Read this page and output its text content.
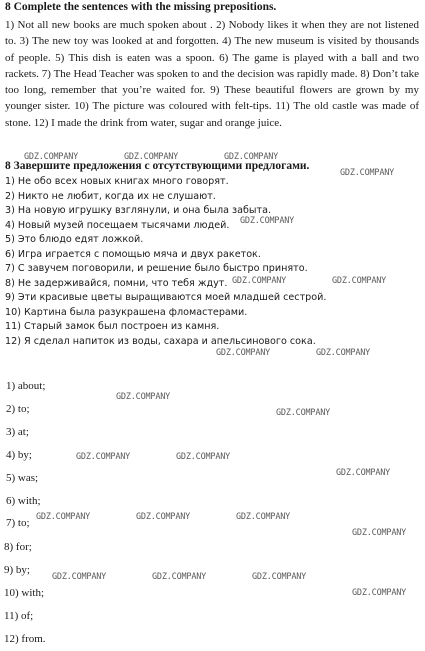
8 Complete the sentences with the missing prepositions.

1) Not all new books are much spoken about . 2) Nobody likes it when they are not listened to. 3) The new toy was looked at and forgotten. 4) The new museum is visited by thousands of people. 5) This dish is eaten was a spoon. 6) The game is played with a ball and two rackets. 7) The Head Teacher was spoken to and the decision was rapidly made. 8) Don’t take too long, remember that you’re waited for. 9) These beautiful flowers are grown by my younger sister. 10) The picture was coloured with felt-tips. 11) The old castle was made of stone. 12) I made the drink from water, sugar and orange juice.

8 Завершите предложения с отсутствующими предлогами.
1) Не обо всех новых книгах много говорят.
2) Никто не любит, когда их не слушают.
3) На новую игрушку взглянули, и она была забыта.
4) Новый музей посещаем тысячами людей.
5) Это блюдо едят ложкой.
6) Игра играется с помощью мяча и двух ракеток.
7) С завучем поговорили, и решение было быстро принято.
8) Не задерживайся, помни, что тебя ждут.
9) Эти красивые цветы выращиваются моей младшей сестрой.
10) Картина была разукрашена фломастерами.
11) Старый замок был построен из камня.
12) Я сделал напиток из воды, сахара и апельсинового сока.
1) about;
2) to;
3) at;
4) by;
5) was;
6) with;
7) to;
8) for;
9) by;
10) with;
11) of;
12) from.
GDZ.COMPANY	GDZ.COMPANY	GDZ.COMPANY
GDZ.COMPANY
GDZ.COMPANY
GDZ.COMPANY	GDZ.COMPANY
GDZ.COMPANY	GDZ.COMPANY
GDZ.COMPANY
GDZ.COMPANY
GDZ.COMPANY	GDZ.COMPANY
GDZ.COMPANY
GDZ.COMPANY	GDZ.COMPANY	GDZ.COMPANY
GDZ.COMPANY
GDZ.COMPANY	GDZ.COMPANY	GDZ.COMPANY
GDZ.COMPANY
